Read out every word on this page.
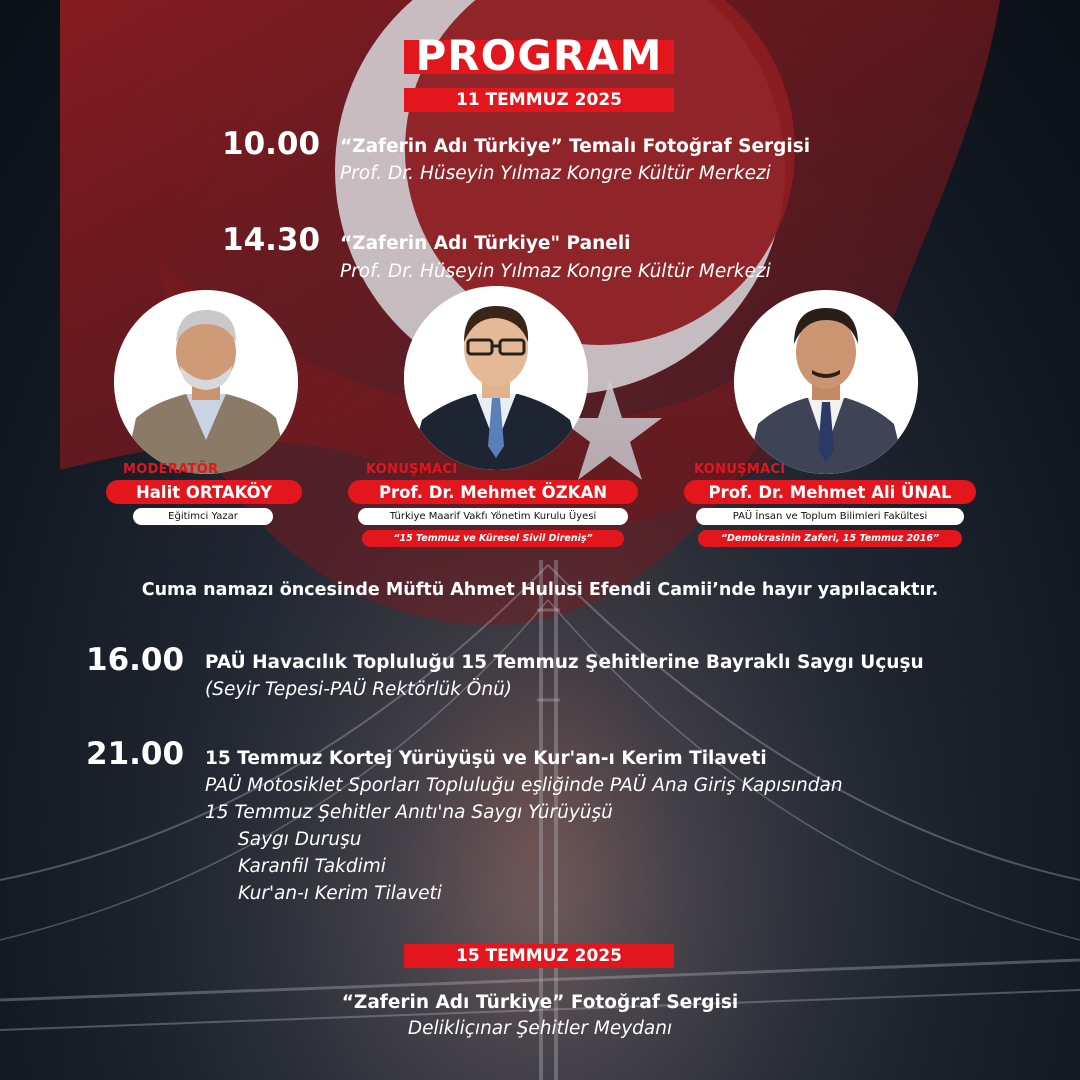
PROGRAM
11 TEMMUZ 2025
10.00 “Zaferin Adı Türkiye” Temalı Fotoğraf Sergisi
Prof. Dr. Hüseyin Yılmaz Kongre Kültür Merkezi
14.30 “Zaferin Adı Türkiye" Paneli
Prof. Dr. Hüseyin Yılmaz Kongre Kültür Merkezi
MODERATÖR
Halit ORTAKÖY
Eğitimci Yazar
KONUŞMACI
Prof. Dr. Mehmet ÖZKAN
Türkiye Maarif Vakfı Yönetim Kurulu Üyesi
“15 Temmuz ve Küresel Sivil Direniş”
KONUŞMACI
Prof. Dr. Mehmet Ali ÜNAL
PAÜ İnsan ve Toplum Bilimleri Fakültesi
“Demokrasinin Zaferi, 15 Temmuz 2016”
Cuma namazı öncesinde Müftü Ahmet Hulusi Efendi Camii’nde hayır yapılacaktır.
16.00 PAÜ Havacılık Topluluğu 15 Temmuz Şehitlerine Bayraklı Saygı Uçuşu
(Seyir Tepesi-PAÜ Rektörlük Önü)
21.00 15 Temmuz Kortej Yürüyüşü ve Kur'an-ı Kerim Tilaveti
PAÜ Motosiklet Sporları Topluluğu eşliğinde PAÜ Ana Giriş Kapısından
15 Temmuz Şehitler Anıtı'na Saygı Yürüyüşü
Saygı Duruşu
Karanfil Takdimi
Kur'an-ı Kerim Tilaveti
15 TEMMUZ 2025
“Zaferin Adı Türkiye” Fotoğraf Sergisi
Delikliçınar Şehitler Meydanı
